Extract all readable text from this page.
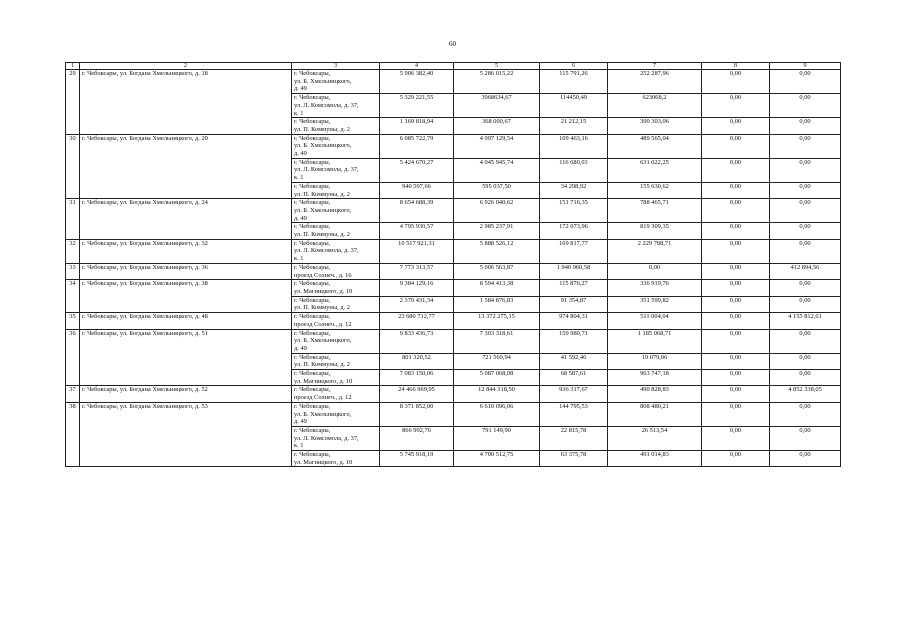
60
1	2	3	4	5	6	7	8	9
29	г. Чебоксары, ул. Богдана Хмельницкого, д. 18	г. Чебоксары,
ул. Б. Хмельницкого,
д. 49	5 906 382,40	5 286 015,22	115 791,26	252 287,96	0,00	0,00

		г. Чебоксары,
ул. Л. Комсомола, д. 37,
к. 1	5 329 221,55	3968634,67	114450,49	623068,2	0,00	0,00

		г. Чебоксары,
ул. П. Коммуны, д. 2	1 169 818,94	368 000,67	21 212,15	390 303,06	0,00	0,00
30	г. Чебоксары, ул. Богдана Хмельницкого, д. 20	г. Чебоксары,
ул. Б. Хмельницкого,
д. 49	6 085 722,79	4 997 129,54	109 463,16	489 565,04	0,00	0,00

		г. Чебоксары,
ул. Л. Комсомола, д. 37,
к. 1	5 424 670,27	4 045 945,74	116 680,03	631 022,25	0,00	0,00

		г. Чебоксары,
ул. П. Коммуны, д. 2	940 597,66	595 037,50	34 298,92	155 630,62	0,00	0,00
31	г. Чебоксары, ул. Богдана Хмельницкого, д. 24	г. Чебоксары,
ул. Б. Хмельницкого,
д. 49	8 654 688,39	6 926 040,62	151 716,35	788 465,71	0,00	0,00

		г. Чебоксары,
ул. П. Коммуны, д. 2	4 795 930,57	2 985 237,91	172 073,96	819 309,35	0,00	0,00
32	г. Чебоксары, ул. Богдана Хмельницкого, д. 32	г. Чебоксары,
ул. Л. Комсомола, д. 37,
к. 1	10 517 921,31	5 888 526,12	169 817,77	2 229 788,71	0,00	0,00
33	г. Чебоксары, ул. Богдана Хмельницкого, д. 36	г. Чебоксары,
проезд Солнеч., д. 16	7 773 313,57	5 006 563,87	1 940 960,58	0,00	0,00	412 894,56
34	г. Чебоксары, ул. Богдана Хмельницкого, д. 38	г. Чебоксары,
ул. Магницкого, д. 10	9 384 129,16	8 594 413,38	115 876,27	336 919,76	0,00	0,00

		г. Чебоксары,
ул. П. Коммуны, д. 2	2 379 431,34	1 584 876,83	91 354,87	351 599,82	0,00	0,00
35	г. Чебоксары, ул. Богдана Хмельницкого, д. 48	г. Чебоксары,
проезд Солнеч., д. 12	23 680 712,77	13 372 275,15	974 804,31	511 004,04	0,00	4 155 812,61
36	г. Чебоксары, ул. Богдана Хмельницкого, д. 51	г. Чебоксары,
ул. Б. Хмельницкого,
д. 49	9 833 436,73	7 303 318,61	159 980,71	1 185 068,71	0,00	0,00

		г. Чебоксары,
ул. П. Коммуны, д. 2	801 320,52	721 569,94	41 592,46	19 079,06	0,00	0,00

		г. Чебоксары,
ул. Магницкого, д. 10	7 083 150,06	5 087 068,08	68 587,61	963 747,18	0,00	0,00
37	г. Чебоксары, ул. Богдана Хмельницкого, д. 52	г. Чебоксары,
проезд Солнеч., д. 12	24 466 969,95	12 844 318,50	936 317,67	490 828,83	0,00	4 852 338,05
38	г. Чебоксары, ул. Богдана Хмельницкого, д. 53	г. Чебоксары,
ул. Б. Хмельницкого,
д. 49	8 371 852,00	6 610 096,06	144 795,53	808 480,21	0,00	0,00

		г. Чебоксары,
ул. Л. Комсомола, д. 37,
к. 1	866 992,76	791 149,90	22 815,78	26 513,54	0,00	0,00

		г. Чебоксары,
ул. Магницкого, д. 10	5 745 918,19	4 700 512,75	63 375,78	491 014,83	0,00	0,00
